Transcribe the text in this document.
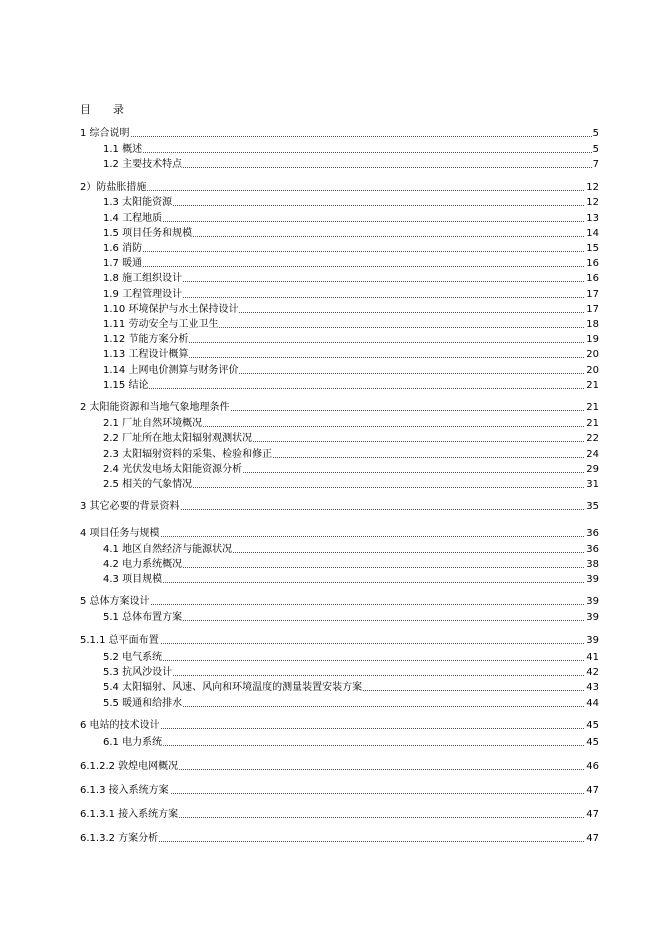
目 录
1 综合说明	5
1.1 概述	5
1.2 主要技术特点	7
2）防盐胀措施	12
1.3 太阳能资源	12
1.4 工程地质	13
1.5 项目任务和规模	14
1.6 消防	15
1.7 暖通	16
1.8 施工组织设计	16
1.9 工程管理设计	17
1.10 环境保护与水土保持设计	17
1.11 劳动安全与工业卫生	18
1.12 节能方案分析	19
1.13 工程设计概算	20
1.14 上网电价测算与财务评价	20
1.15 结论	21
2 太阳能资源和当地气象地理条件	21
2.1 厂址自然环境概况	21
2.2 厂址所在地太阳辐射观测状况	22
2.3 太阳辐射资料的采集、检验和修正	24
2.4 光伏发电场太阳能资源分析	29
2.5 相关的气象情况	31
3 其它必要的背景资料	35
4 项目任务与规模	36
4.1 地区自然经济与能源状况	36
4.2 电力系统概况	38
4.3 项目规模	39
5 总体方案设计	39
5.1 总体布置方案	39
5.1.1 总平面布置	39
5.2 电气系统	41
5.3 抗风沙设计	42
5.4 太阳辐射、风速、风向和环境温度的测量装置安装方案	43
5.5 暖通和给排水	44
6 电站的技术设计	45
6.1 电力系统	45
6.1.2.2 敦煌电网概况	46
6.1.3 接入系统方案	47
6.1.3.1 接入系统方案	47
6.1.3.2 方案分析	47
